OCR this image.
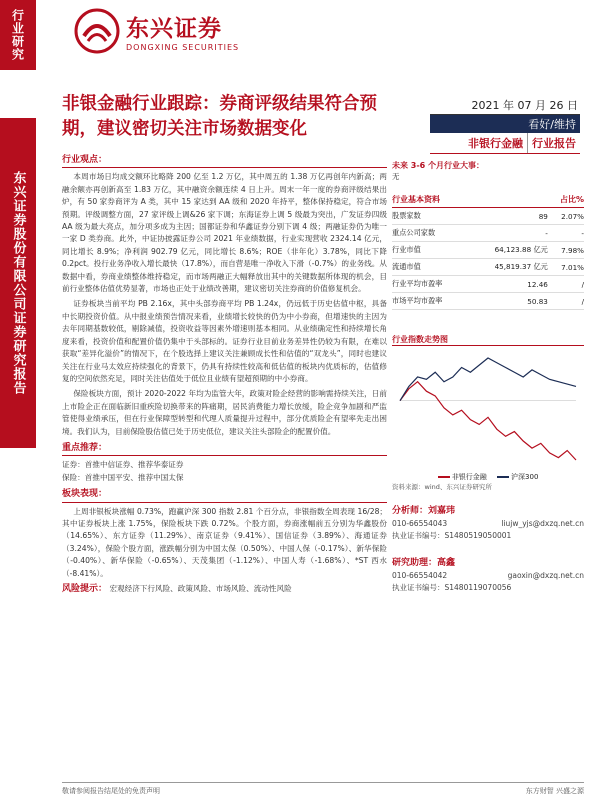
行业研究
东兴证券股份有限公司证券研究报告
东兴证券
DONGXING SECURITIES
非银金融行业跟踪：券商评级结果符合预期，建议密切关注市场数据变化
2021 年 07 月 26 日
看好/维持
非银行金融 行业报告
行业观点：

本周市场日均成交额环比略降 200 亿至 1.2 万亿，其中周五的 1.38 万亿再创年内新高；两融余额亦再创新高至 1.83 万亿，其中融资余额连续 4 日上升。周末一年一度的券商评级结果出炉，有 50 家券商评为 A 类，其中 15 家达到 AA 级和 2020 年持平，整体保持稳定，符合市场预期。评级调整方面，27 家评级上调&26 家下调；东海证券上调 5 级最为突出，广发证券四级 AA 级为最大亮点，加分项多成为主因；国都证券和华鑫证券分别下调 4 级；两融证券仍为唯一一家 D 类券商。此外，中证协披露证券公司 2021 年业绩数据，行业实现营收 2324.14 亿元，同比增长 8.9%；净利润 902.79 亿元，同比增长 8.6%；ROE（非年化）3.78%，同比下降 0.2pct。投行业务净收入增长最快（17.8%），而自营是唯一净收入下滑（-0.7%）的业务线。从数据中看，券商业绩整体维持稳定，而市场两融正大幅释放出其中的关键数据所体现的机会，目前行业整体估值优势显著，市场也正处于业绩改善期，建议密切关注券商的价值修复机会。

证券板块当前平均 PB 2.16x，其中头部券商平均 PB 1.24x，仍远低于历史估值中枢，具备中长期投资价值。从中报业绩预告情况来看，业绩增长较快的仍为中小券商，但增速快的主因为去年同期基数较低，剔除减值，投资收益等因素外增速则基本相同。从业绩确定性和持续增长角度来看，投资价值和配置价值仍集中于头部标的。证券行业目前业务差异性仍较为有限，在难以获取“差异化溢价”的情况下，在个股选择上建议关注兼顾成长性和估值的“双龙头”，同时也建议关注在行业马太效应持续强化的背景下，仍具有持续性较高和低估值的板块内优质标的，估值修复的空间依然充足，同时关注估值处于低位且业绩有望超预期的中小券商。

保险板块方面，预计 2020-2022 年均为监管大年，政策对险企经营的影响需持续关注，日前上市险企正在面临新旧重疾险切换带来的阵痛期，居民消费能力增长放缓，险企竞争加剧和严监管使得业绩承压，但在行业保障型转型和代理人质量提升过程中，部分优质险企有望率先走出困境。我们认为，目前保险股估值已处于历史低位，建议关注头部险企的配置价值。

重点推荐：

证券：首推中信证券、推荐华泰证券

保险：首推中国平安、推荐中国太保

板块表现：

上周非银板块涨幅 0.73%，跑赢沪深 300 指数 2.81 个百分点，非银指数全周表现 16/28；其中证券板块上涨 1.75%，保险板块下跌 0.72%。个股方面，券商涨幅前五分别为华鑫股份（14.65%）、东方证券（11.29%）、南京证券（9.41%）、国信证券（3.89%）、海通证券（3.24%），保险个股方面，涨跌幅分别为中国太保（0.50%）、中国人保（-0.17%）、新华保险（-0.40%）、新华保险（-0.65%）、天茂集团（-1.12%）、中国人寿（-1.68%）、*ST 西水（-8.41%）。

风险提示： 宏观经济下行风险、政策风险、市场风险、流动性风险
未来 3-6 个月行业大事：
无
行业基本资料		占比%
股票家数	89	2.07%
重点公司家数	-	-
行业市值	64,123.88 亿元	7.98%
流通市值	45,819.37 亿元	7.01%
行业平均市盈率	12.46	/
市场平均市盈率	50.83	/
行业指数走势图
非银行金融	沪深300
资料来源：wind、东兴证券研究所
分析师：刘嘉玮
010-66554043	liujw_yjs@dxzq.net.cn
执业证书编号：S1480519050001
研究助理：高鑫
010-66554042	gaoxin@dxzq.net.cn
执业证书编号：S1480119070056
敬请参阅报告结尾处的免责声明	东方财智 兴盛之源
